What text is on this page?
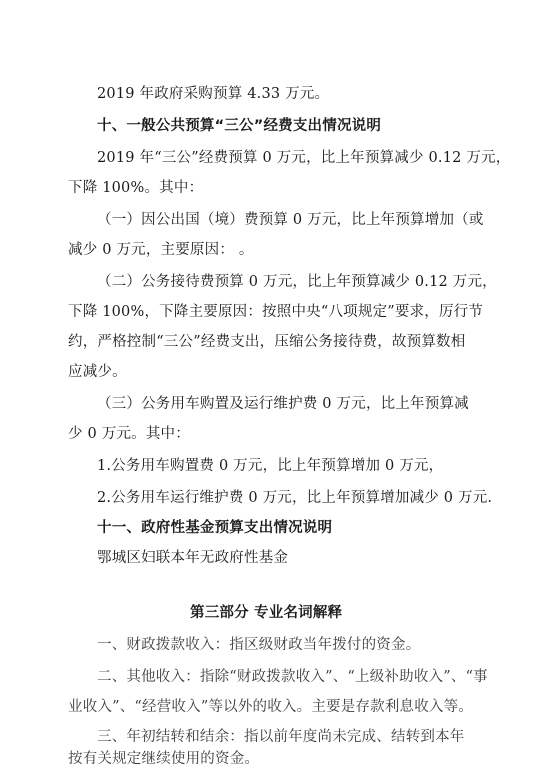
2019 年政府采购预算 4.33 万元。
十、一般公共预算“三公”经费支出情况说明
2019 年“三公”经费预算 0 万元，比上年预算减少 0.12 万元，
下降 100%。其中：
（一）因公出国（境）费预算 0 万元，比上年预算增加（或
减少 0 万元，主要原因： 。
（二）公务接待费预算 0 万元，比上年预算减少 0.12 万元，
下降 100%，下降主要原因：按照中央“八项规定”要求，厉行节
约，严格控制“三公”经费支出，压缩公务接待费，故预算数相
应减少。
（三）公务用车购置及运行维护费 0 万元，比上年预算减
少 0 万元。其中：
1.公务用车购置费 0 万元，比上年预算增加 0 万元，
2.公务用车运行维护费 0 万元，比上年预算增加减少 0 万元.
十一、政府性基金预算支出情况说明
鄂城区妇联本年无政府性基金
第三部分 专业名词解释
一、财政拨款收入：指区级财政当年拨付的资金。
二、其他收入：指除“财政拨款收入”、“上级补助收入”、“事
业收入”、“经营收入”等以外的收入。主要是存款利息收入等。
三、年初结转和结余：指以前年度尚未完成、结转到本年
按有关规定继续使用的资金。
